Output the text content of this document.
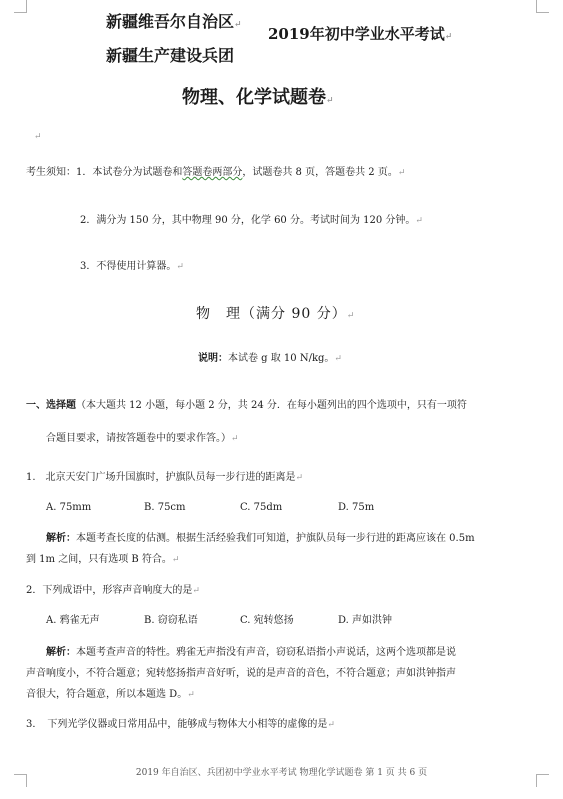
新疆维吾尔自治区↵
新疆生产建设兵团
2019年初中学业水平考试↵
物理、化学试题卷↵
↵
考生须知：1．本试卷分为试题卷和答题卷两部分，试题卷共 8 页，答题卷共 2 页。↵
2．满分为 150 分，其中物理 90 分，化学 60 分。考试时间为 120 分钟。↵
3．不得使用计算器。↵
物　理（满分 90 分）↵
说明：本试卷 g 取 10 N/kg。↵
一、选择题（本大题共 12 小题，每小题 2 分，共 24 分．在每小题列出的四个选项中，只有一项符
合题目要求，请按答题卷中的要求作答。）↵
1.　北京天安门广场升国旗时，护旗队员每一步行进的距离是↵
A. 75mm	B. 75cm	C. 75dm	D. 75m
解析：本题考查长度的估测。根据生活经验我们可知道，护旗队员每一步行进的距离应该在 0.5m
到 1m 之间，只有选项 B 符合。↵
2．下列成语中，形容声音响度大的是↵
A. 鸦雀无声	B. 窃窃私语	C. 宛转悠扬	D. 声如洪钟
解析：本题考查声音的特性。鸦雀无声指没有声音，窃窃私语指小声说话，这两个选项都是说
声音响度小，不符合题意；宛转悠扬指声音好听，说的是声音的音色，不符合题意；声如洪钟指声
音很大，符合题意，所以本题选 D。↵
3．　下列光学仪器或日常用品中，能够成与物体大小相等的虚像的是↵
2019 年自治区、兵团初中学业水平考试 物理化学试题卷 第 1 页 共 6 页
